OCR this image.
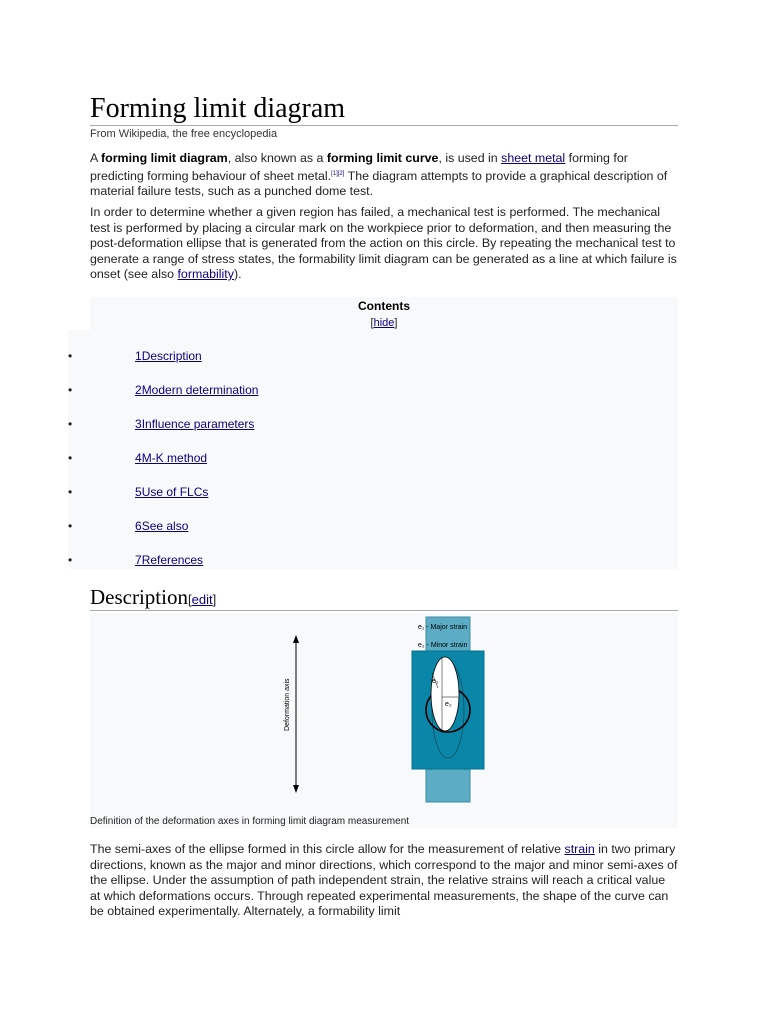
Forming limit diagram
From Wikipedia, the free encyclopedia

A forming limit diagram, also known as a forming limit curve, is used in sheet metal forming for predicting forming behaviour of sheet metal.[1][2] The diagram attempts to provide a graphical description of material failure tests, such as a punched dome test.

In order to determine whether a given region has failed, a mechanical test is performed. The mechanical test is performed by placing a circular mark on the workpiece prior to deformation, and then measuring the post-deformation ellipse that is generated from the action on this circle. By repeating the mechanical test to generate a range of stress states, the formability limit diagram can be generated as a line at which failure is onset (see also formability).

Contents
[hide]
•	1Description
•	2Modern determination
•	3Influence parameters
•	4M-K method
•	5Use of FLCs
•	6See also
•	7References
Description[edit]
Deformation axis
e₁ - Major strain
e₂ - Minor strain
e₁
e₂
Definition of the deformation axes in forming limit diagram measurement

The semi-axes of the ellipse formed in this circle allow for the measurement of relative strain in two primary directions, known as the major and minor directions, which correspond to the major and minor semi-axes of the ellipse. Under the assumption of path independent strain, the relative strains will reach a critical value at which deformations occurs. Through repeated experimental measurements, the shape of the curve can be obtained experimentally. Alternately, a formability limit
